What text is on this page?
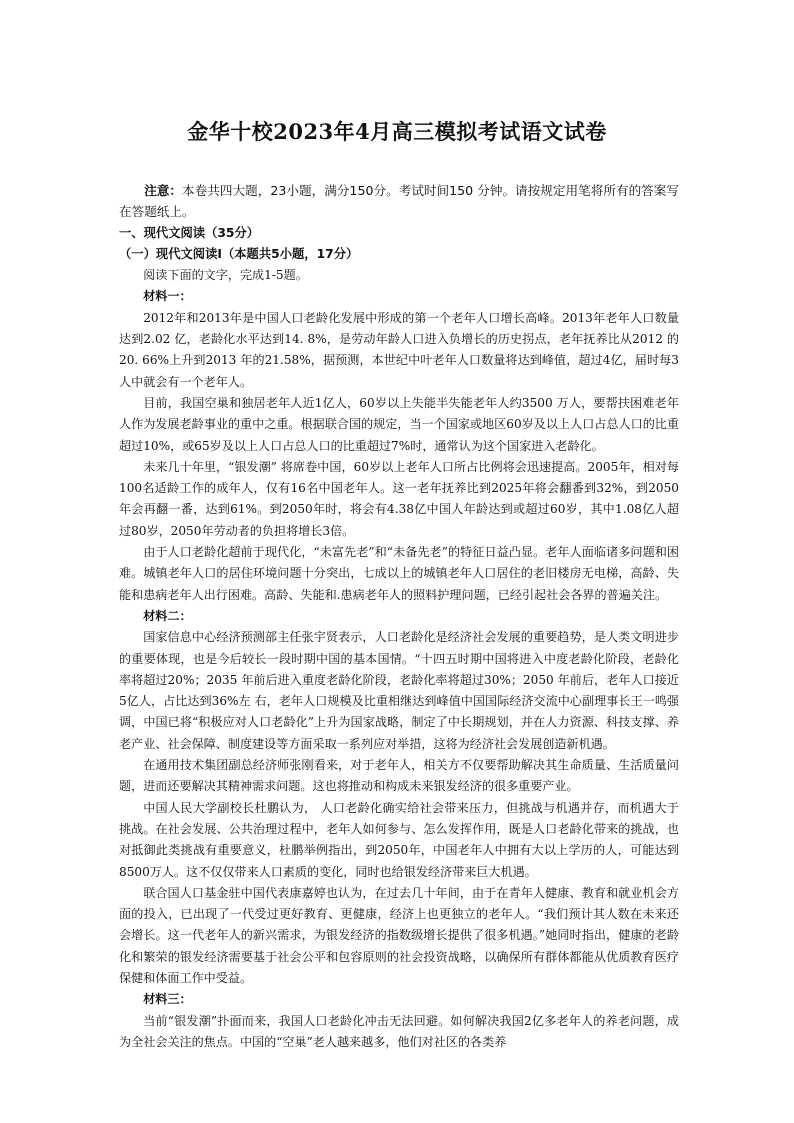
金华十校2023年4月高三模拟考试语文试卷

注意：本卷共四大题，23小题，满分150分。考试时间150 分钟。请按规定用笔将所有的答案写在答题纸上。

一、现代文阅读（35分）

（一）现代文阅读Ⅰ（本题共5小题，17分）

阅读下面的文字，完成1-5题。

材料一：

2012年和2013年是中国人口老龄化发展中形成的第一个老年人口增长高峰。2013年老年人口数量达到2.02 亿，老龄化水平达到14. 8%，是劳动年龄人口进入负增长的历史拐点，老年抚养比从2012 的20. 66%上升到2013 年的21.58%，据预测，本世纪中叶老年人口数量将达到峰值，超过4亿，届时每3人中就会有一个老年人。

目前，我国空巢和独居老年人近1亿人，60岁以上失能半失能老年人约3500 万人，要帮扶困难老年人作为发展老龄事业的重中之重。根据联合国的规定，当一个国家或地区60岁及以上人口占总人口的比重超过10%，或65岁及以上人口占总人口的比重超过7%时，通常认为这个国家进入老龄化。

未来几十年里，“银发潮” 将席卷中国，60岁以上老年人口所占比例将会迅速提高。2005年，相对每100名适龄工作的成年人，仅有16名中国老年人。这一老年抚养比到2025年将会翻番到32%，到2050年会再翻一番，达到61%。到2050年时，将会有4.38亿中国人年龄达到或超过60岁，其中1.08亿人超过80岁，2050年劳动者的负担将增长3倍。

由于人口老龄化超前于现代化，“未富先老”和“未备先老”的特征日益凸显。老年人面临诸多问题和困难。城镇老年人口的居住环境问题十分突出，七成以上的城镇老年人口居住的老旧楼房无电梯，高龄、失能和患病老年人出行困难。高龄、失能和.患病老年人的照料护理问题，已经引起社会各界的普遍关注。

材料二：

国家信息中心经济预测部主任张宇贤表示，人口老龄化是经济社会发展的重要趋势，是人类文明进步的重要体现，也是今后较长一段时期中国的基本国情。“十四五时期中国将进入中度老龄化阶段，老龄化率将超过20%；2035 年前后进入重度老龄化阶段，老龄化率将超过30%；2050 年前后，老年人口接近5亿人，占比达到36%左 右，老年人口规模及比重相继达到峰值中国国际经济交流中心副理事长王一鸣强调，中国已将“积极应对人口老龄化”上升为国家战略，制定了中长期规划，并在人力资源、科技支撑、养老产业、社会保障、制度建设等方面采取一系列应对举措，这将为经济社会发展创造新机遇。

在通用技术集团副总经济师张刚看来，对于老年人，相关方不仅要帮助解决其生命质量、生活质量问题，进而还要解决其精神需求问题。这也将推动和构成未来银发经济的很多重要产业。

中国人民大学副校长杜鹏认为， 人口老龄化确实给社会带来压力，但挑战与机遇并存，而机遇大于挑战。在社会发展、公共治理过程中，老年人如何参与、怎么发挥作用，既是人口老龄化带来的挑战，也对抵御此类挑战有重要意义，杜鹏举例指出，到2050年，中国老年人中拥有大以上学历的人，可能达到8500万人。这不仅仅带来人口素质的变化，同时也给银发经济带来巨大机遇。

联合国人口基金驻中国代表康嘉婷也认为，在过去几十年间，由于在青年人健康、教育和就业机会方面的投入，已出现了一代受过更好教育、更健康，经济上也更独立的老年人。“我们预计其人数在未来还会增长。这一代老年人的新兴需求，为银发经济的指数级增长提供了很多机遇。”她同时指出，健康的老龄化和繁荣的银发经济需要基于社会公平和包容原则的社会投资战略，以确保所有群体都能从优质教育医疗保健和体面工作中受益。

材料三：

当前“银发潮”扑面而来，我国人口老龄化冲击无法回避。如何解决我国2亿多老年人的养老问题，成为全社会关注的焦点。中国的“空巢”老人越来越多，他们对社区的各类养
